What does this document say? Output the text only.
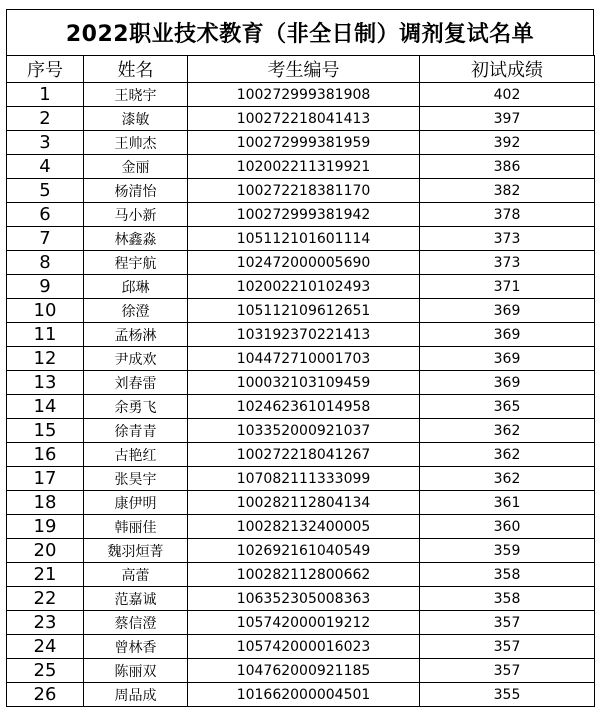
2022职业技术教育（非全日制）调剂复试名单
序号	姓名	考生编号	初试成绩
1	王晓宇	100272999381908	402
2	漆敏	100272218041413	397
3	王帅杰	100272999381959	392
4	金丽	102002211319921	386
5	杨清怡	100272218381170	382
6	马小新	100272999381942	378
7	林鑫淼	105112101601114	373
8	程宇航	102472000005690	373
9	邱琳	102002210102493	371
10	徐澄	105112109612651	369
11	孟杨淋	103192370221413	369
12	尹成欢	104472710001703	369
13	刘春雷	100032103109459	369
14	余勇飞	102462361014958	365
15	徐青青	103352000921037	362
16	古艳红	100272218041267	362
17	张昊宇	107082111333099	362
18	康伊明	100282112804134	361
19	韩丽佳	100282132400005	360
20	魏羽烜菁	102692161040549	359
21	高蕾	100282112800662	358
22	范嘉诚	106352305008363	358
23	蔡信澄	105742000019212	357
24	曾林香	105742000016023	357
25	陈丽双	104762000921185	357
26	周品成	101662000004501	355
